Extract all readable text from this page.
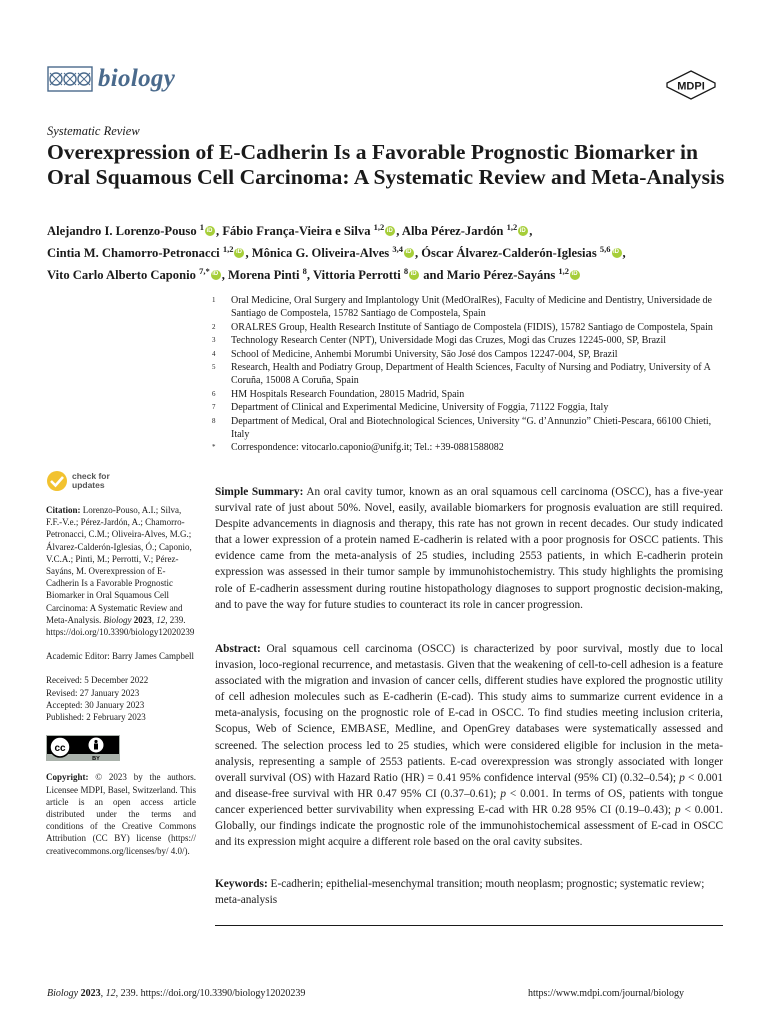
biology	MDPI
Systematic Review
Overexpression of E-Cadherin Is a Favorable Prognostic Biomarker in Oral Squamous Cell Carcinoma: A Systematic Review and Meta-Analysis
Alejandro I. Lorenzo-Pouso $^1$ iD , Fábio França-Vieira e Silva $^{1,2}$ iD , Alba Pérez-Jardón $^{1,2}$ iD ,
Cintia M. Chamorro-Petronacci $^{1,2}$ iD , Mônica G. Oliveira-Alves $^{3,4}$ iD , Óscar Álvarez-Calderón-Iglesias $^{5,6}$ iD ,
Vito Carlo Alberto Caponio $^{7,*}$ iD , Morena Pinti $^8$, Vittoria Perrotti $^8$iD and Mario Pérez-Sayáns $^{1,2}$iD
1	Oral Medicine, Oral Surgery and Implantology Unit (MedOralRes), Faculty of Medicine and Dentistry, Universidade de Santiago de Compostela, 15782 Santiago de Compostela, Spain
2	ORALRES Group, Health Research Institute of Santiago de Compostela (FIDIS), 15782 Santiago de Compostela, Spain
3	Technology Research Center (NPT), Universidade Mogi das Cruzes, Mogi das Cruzes 12245-000, SP, Brazil
4	School of Medicine, Anhembi Morumbi University, São José dos Campos 12247-004, SP, Brazil
5	Research, Health and Podiatry Group, Department of Health Sciences, Faculty of Nursing and Podiatry, University of A Coruña, 15008 A Coruña, Spain
6	HM Hospitals Research Foundation, 28015 Madrid, Spain
7	Department of Clinical and Experimental Medicine, University of Foggia, 71122 Foggia, Italy
8	Department of Medical, Oral and Biotechnological Sciences, University “G. d’Annunzio” Chieti-Pescara, 66100 Chieti, Italy
*	Correspondence: vitocarlo.caponio@unifg.it; Tel.: +39-0881588082
check for
updates
Citation: Lorenzo-Pouso, A.I.; Silva, F.F.-V.e.; Pérez-Jardón, A.; Chamorro-Petronacci, C.M.; Oliveira-Alves, M.G.; Álvarez-Calderón-Iglesias, Ó.; Caponio, V.C.A.; Pinti, M.; Perrotti, V.; Pérez-Sayáns, M. Overexpression of E-Cadherin Is a Favorable Prognostic Biomarker in Oral Squamous Cell Carcinoma: A Systematic Review and Meta-Analysis. Biology 2023, 12, 239. https://doi.org/10.3390/biology12020239
Academic Editor: Barry James Campbell
Received: 5 December 2022
Revised: 27 January 2023
Accepted: 30 January 2023
Published: 2 February 2023
cc
BY
Copyright: © 2023 by the authors. Licensee MDPI, Basel, Switzerland. This article is an open access article distributed under the terms and conditions of the Creative Commons Attribution (CC BY) license (https:// creativecommons.org/licenses/by/ 4.0/).
Simple Summary: An oral cavity tumor, known as an oral squamous cell carcinoma (OSCC), has a five-year survival rate of just about 50%. Novel, easily, available biomarkers for prognosis evaluation are still required. Despite advancements in diagnosis and therapy, this rate has not grown in recent decades. Our study indicated that a lower expression of a protein named E-cadherin is related with a poor prognosis for OSCC patients. This evidence came from the meta-analysis of 25 studies, including 2553 patients, in which E-cadherin protein expression was assessed in their tumor sample by immunohistochemistry. This study highlights the promising role of E-cadherin assessment during routine histopathology diagnoses to support prognostic decision-making, and to pave the way for future studies to counteract its role in cancer progression.
Abstract: Oral squamous cell carcinoma (OSCC) is characterized by poor survival, mostly due to local invasion, loco-regional recurrence, and metastasis. Given that the weakening of cell-to-cell adhesion is a feature associated with the migration and invasion of cancer cells, different studies have explored the prognostic utility of cell adhesion molecules such as E-cadherin (E-cad). This study aims to summarize current evidence in a meta-analysis, focusing on the prognostic role of E-cad in OSCC. To find studies meeting inclusion criteria, Scopus, Web of Science, EMBASE, Medline, and OpenGrey databases were systematically assessed and screened. The selection process led to 25 studies, which were considered eligible for inclusion in the meta-analysis, representing a sample of 2553 patients. E-cad overexpression was strongly associated with longer overall survival (OS) with Hazard Ratio (HR) = 0.41 95% confidence interval (95% CI) (0.32–0.54); p < 0.001 and disease-free survival with HR 0.47 95% CI (0.37–0.61); p < 0.001. In terms of OS, patients with tongue cancer experienced better survivability when expressing E-cad with HR 0.28 95% CI (0.19–0.43); p < 0.001. Globally, our findings indicate the prognostic role of the immunohistochemical assessment of E-cad in OSCC and its expression might acquire a different role based on the oral cavity subsites.
Keywords: E-cadherin; epithelial-mesenchymal transition; mouth neoplasm; prognostic; systematic review; meta-analysis
Biology 2023, 12, 239. https://doi.org/10.3390/biology12020239	https://www.mdpi.com/journal/biology
